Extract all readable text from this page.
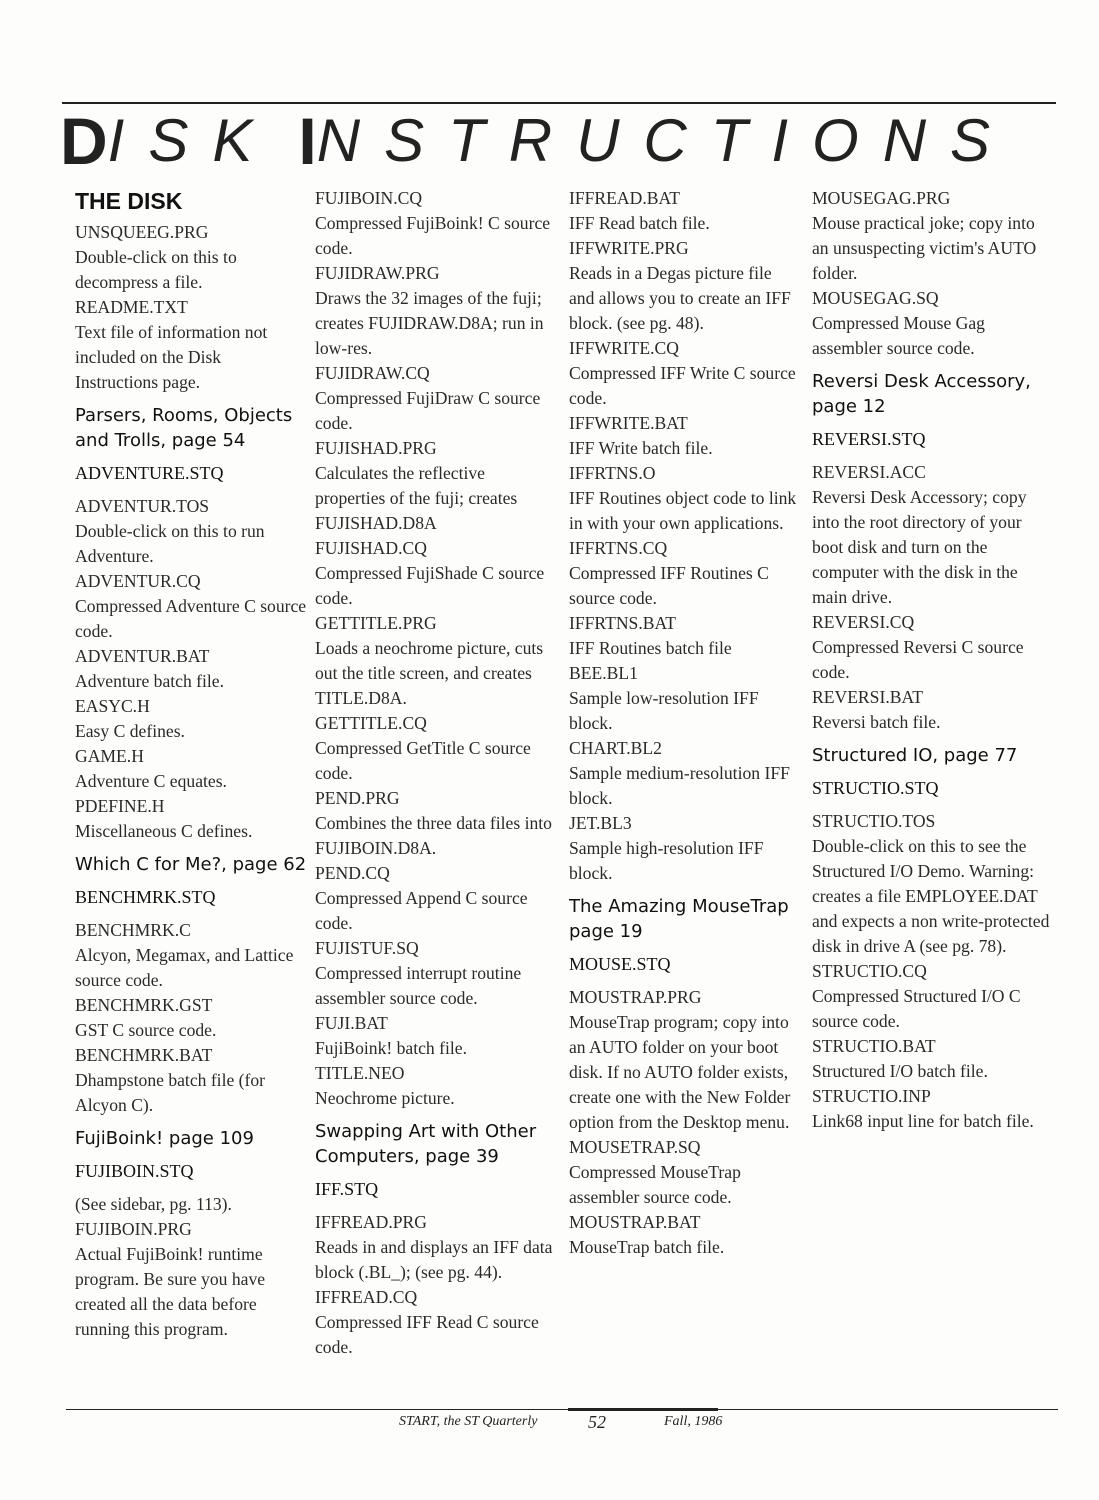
DISK INSTRUCTIONS
THE DISK
UNSQUEEG.PRG
Double-click on this to decompress a file.
README.TXT
Text file of information not included on the Disk Instructions page.
Parsers, Rooms, Objects and Trolls, page 54
ADVENTURE.STQ
ADVENTUR.TOS
Double-click on this to run Adventure.
ADVENTUR.CQ
Compressed Adventure C source code.
ADVENTUR.BAT
Adventure batch file.
EASYC.H
Easy C defines.
GAME.H
Adventure C equates.
PDEFINE.H
Miscellaneous C defines.
Which C for Me?, page 62
BENCHMRK.STQ
BENCHMRK.C
Alcyon, Megamax, and Lattice source code.
BENCHMRK.GST
GST C source code.
BENCHMRK.BAT
Dhampstone batch file (for Alcyon C).
FujiBoink! page 109
FUJIBOIN.STQ
(See sidebar, pg. 113).
FUJIBOIN.PRG
Actual FujiBoink! runtime program. Be sure you have created all the data before running this program.
FUJIBOIN.CQ
Compressed FujiBoink! C source code.
FUJIDRAW.PRG
Draws the 32 images of the fuji; creates FUJIDRAW.D8A; run in low-res.
FUJIDRAW.CQ
Compressed FujiDraw C source code.
FUJISHAD.PRG
Calculates the reflective properties of the fuji; creates FUJISHAD.D8A
FUJISHAD.CQ
Compressed FujiShade C source code.
GETTITLE.PRG
Loads a neochrome picture, cuts out the title screen, and creates TITLE.D8A.
GETTITLE.CQ
Compressed GetTitle C source code.
PEND.PRG
Combines the three data files into FUJIBOIN.D8A.
PEND.CQ
Compressed Append C source code.
FUJISTUF.SQ
Compressed interrupt routine assembler source code.
FUJI.BAT
FujiBoink! batch file.
TITLE.NEO
Neochrome picture.
Swapping Art with Other Computers, page 39
IFF.STQ
IFFREAD.PRG
Reads in and displays an IFF data block (.BL_); (see pg. 44).
IFFREAD.CQ
Compressed IFF Read C source code.
IFFREAD.BAT
IFF Read batch file.
IFFWRITE.PRG
Reads in a Degas picture file and allows you to create an IFF block. (see pg. 48).
IFFWRITE.CQ
Compressed IFF Write C source code.
IFFWRITE.BAT
IFF Write batch file.
IFFRTNS.O
IFF Routines object code to link in with your own applications.
IFFRTNS.CQ
Compressed IFF Routines C source code.
IFFRTNS.BAT
IFF Routines batch file
BEE.BL1
Sample low-resolution IFF block.
CHART.BL2
Sample medium-resolution IFF block.
JET.BL3
Sample high-resolution IFF block.
The Amazing MouseTrap page 19
MOUSE.STQ
MOUSTRAP.PRG
MouseTrap program; copy into an AUTO folder on your boot disk. If no AUTO folder exists, create one with the New Folder option from the Desktop menu.
MOUSETRAP.SQ
Compressed MouseTrap assembler source code.
MOUSTRAP.BAT
MouseTrap batch file.
MOUSEGAG.PRG
Mouse practical joke; copy into an unsuspecting victim's AUTO folder.
MOUSEGAG.SQ
Compressed Mouse Gag assembler source code.
Reversi Desk Accessory, page 12
REVERSI.STQ
REVERSI.ACC
Reversi Desk Accessory; copy into the root directory of your boot disk and turn on the computer with the disk in the main drive.
REVERSI.CQ
Compressed Reversi C source code.
REVERSI.BAT
Reversi batch file.
Structured IO, page 77
STRUCTIO.STQ
STRUCTIO.TOS
Double-click on this to see the Structured I/O Demo. Warning: creates a file EMPLOYEE.DAT and expects a non write-protected disk in drive A (see pg. 78).
STRUCTIO.CQ
Compressed Structured I/O C source code.
STRUCTIO.BAT
Structured I/O batch file.
STRUCTIO.INP
Link68 input line for batch file.
START, the ST Quarterly	52	Fall, 1986
